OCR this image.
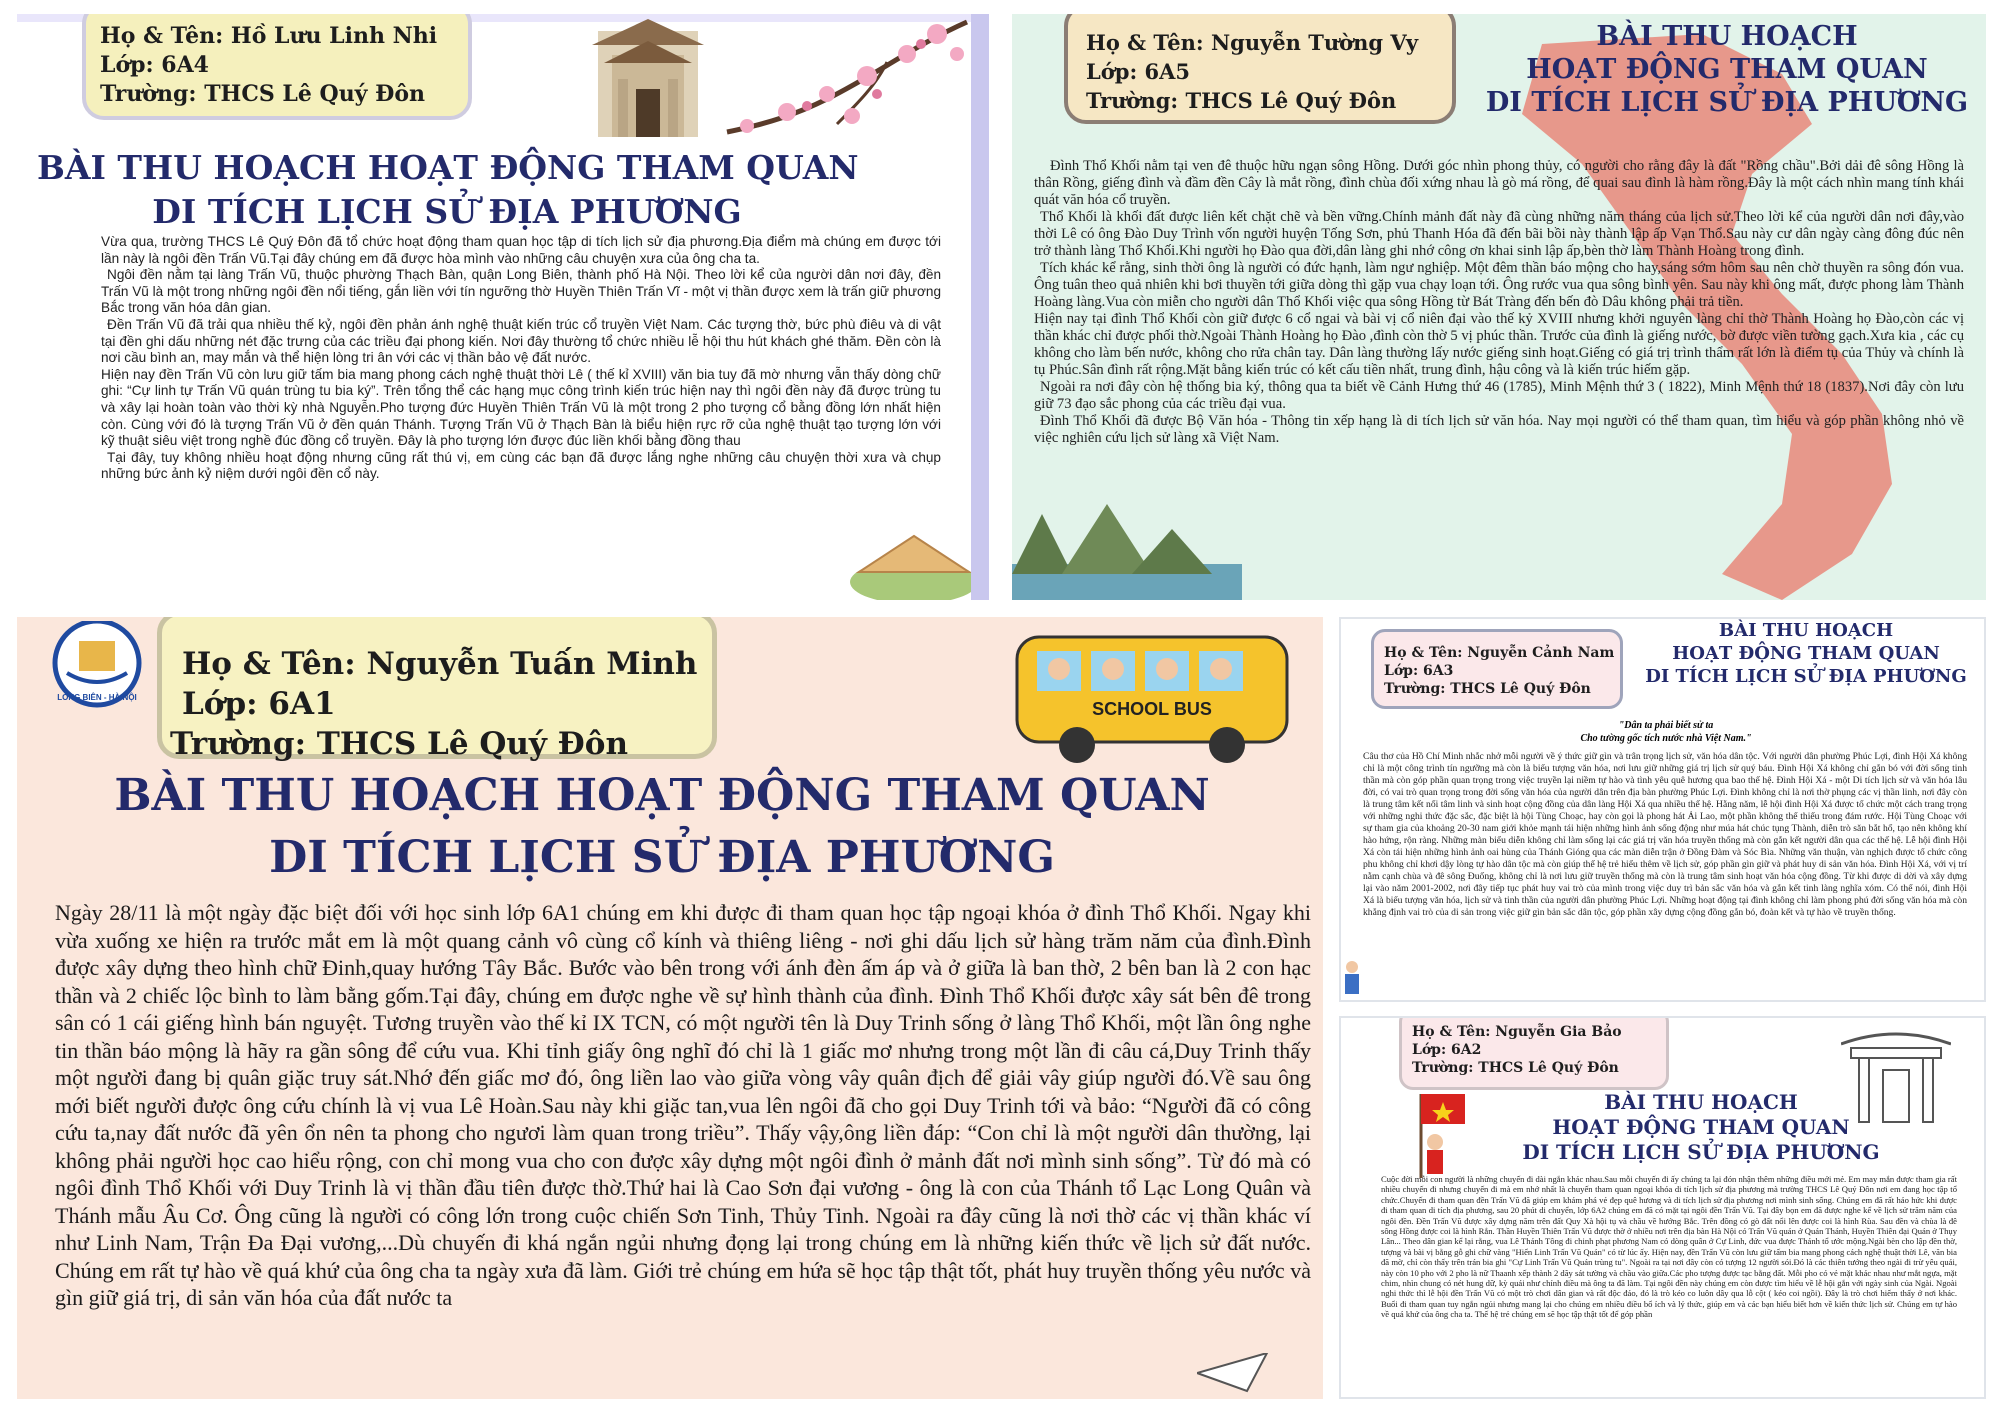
Họ & Tên: Hồ Lưu Linh Nhi
Lớp: 6A4
Trường: THCS Lê Quý Đôn
BÀI THU HOẠCH HOẠT ĐỘNG THAM QUAN
DI TÍCH LỊCH SỬ ĐỊA PHƯƠNG

Vừa qua, trường THCS Lê Quý Đôn đã tổ chức hoạt động tham quan học tập di tích lịch sử địa phương.Địa điểm mà chúng em được tới lần này là ngôi đền Trấn Vũ.Tại đây chúng em đã được hòa mình vào những câu chuyện xưa của ông cha ta.

Ngôi đền nằm tại làng Trấn Vũ, thuộc phường Thạch Bàn, quận Long Biên, thành phố Hà Nội. Theo lời kể của người dân nơi đây, đền Trấn Vũ là một trong những ngôi đền nổi tiếng, gắn liền với tín ngưỡng thờ Huyền Thiên Trấn Vĩ - một vị thần được xem là trấn giữ phương Bắc trong văn hóa dân gian.

Đền Trấn Vũ đã trải qua nhiều thế kỷ, ngôi đền phản ánh nghệ thuật kiến trúc cổ truyền Việt Nam. Các tượng thờ, bức phù điêu và di vật tại đền ghi dấu những nét đặc trưng của các triều đại phong kiến. Nơi đây thường tổ chức nhiều lễ hội thu hút khách ghé thăm. Đền còn là nơi cầu bình an, may mắn và thể hiện lòng tri ân với các vị thần bảo vệ đất nước.

Hiện nay đền Trấn Vũ còn lưu giữ tấm bia mang phong cách nghệ thuật thời Lê ( thế kỉ XVIII) văn bia tuy đã mờ nhưng vẫn thấy dòng chữ ghi: “Cự linh tự Trấn Vũ quán trùng tu bia ký”. Trên tổng thể các hạng mục công trình kiến trúc hiện nay thì ngôi đền này đã được trùng tu và xây lại hoàn toàn vào thời kỳ nhà Nguyễn.Pho tượng đức Huyền Thiên Trấn Vũ là một trong 2 pho tượng cổ bằng đồng lớn nhất hiện còn. Cùng với đó là tượng Trấn Vũ ở đền quán Thánh. Tượng Trấn Vũ ở Thạch Bàn là biểu hiện rực rỡ của nghệ thuật tạo tượng lớn với kỹ thuật siêu việt trong nghề đúc đồng cổ truyền. Đây là pho tượng lớn được đúc liền khối bằng đồng thau

Tại đây, tuy không nhiều hoạt động nhưng cũng rất thú vị, em cùng các bạn đã được lắng nghe những câu chuyện thời xưa và chụp những bức ảnh kỷ niệm dưới ngôi đền cổ này.

Họ & Tên: Nguyễn Tường Vy
Lớp: 6A5
Trường: THCS Lê Quý Đôn
BÀI THU HOẠCH
HOẠT ĐỘNG THAM QUAN
DI TÍCH LỊCH SỬ ĐỊA PHƯƠNG

Đình Thổ Khối nằm tại ven đê thuộc hữu ngạn sông Hồng. Dưới góc nhìn phong thủy, có người cho rằng đây là đất "Rồng chầu".Bởi dải đê sông Hồng là thân Rồng, giếng đình và đầm đền Cây là mắt rồng, đình chùa đối xứng nhau là gò má rồng, để quai sau đình là hàm rồng.Đây là một cách nhìn mang tính khái quát văn hóa cổ truyền.

Thổ Khối là khối đất được liên kết chặt chẽ và bền vững.Chính mảnh đất này đã cùng những năm tháng của lịch sử.Theo lời kể của người dân nơi đây,vào thời Lê có ông Đào Duy Trình vốn người huyện Tống Sơn, phủ Thanh Hóa đã đến bãi bồi này thành lập ấp Vạn Thổ.Sau này cư dân ngày càng đông đúc nên trở thành làng Thổ Khối.Khi người họ Đào qua đời,dân làng ghi nhớ công ơn khai sinh lập ấp,bèn thờ làm Thành Hoàng trong đình.

Tích khác kể rằng, sinh thời ông là người có đức hạnh, làm ngư nghiệp. Một đêm thần báo mộng cho hay,sáng sớm hôm sau nên chờ thuyền ra sông đón vua. Ông tuân theo quả nhiên khi bơi thuyền tới giữa dòng thì gặp vua chạy loạn tới. Ông rước vua qua sông bình yên. Sau này khi ông mất, được phong làm Thành Hoàng làng.Vua còn miễn cho người dân Thổ Khối việc qua sông Hồng từ Bát Tràng đến bến đò Dâu không phải trả tiền.

Hiện nay tại đình Thổ Khối còn giữ được 6 cổ ngai và bài vị cổ niên đại vào thế kỷ XVIII nhưng khởi nguyên làng chỉ thờ Thành Hoàng họ Đào,còn các vị thần khác chỉ được phối thờ.Ngoài Thành Hoàng họ Đào ,đình còn thờ 5 vị phúc thần. Trước của đình là giếng nước, bờ được viền tường gạch.Xưa kia , các cụ không cho làm bến nước, không cho rửa chân tay. Dân làng thường lấy nước giếng sinh hoạt.Giếng có giá trị trình thẩm rất lớn là điểm tụ của Thủy và chính là tụ Phúc.Sân đình rất rộng.Mặt bằng kiến trúc có kết cấu tiền nhất, trung đình, hậu công và là kiến trúc hiếm gặp.

Ngoài ra nơi đây còn hệ thống bia ký, thông qua ta biết về Cảnh Hưng thứ 46 (1785), Minh Mệnh thứ 3 ( 1822), Minh Mệnh thứ 18 (1837).Nơi đây còn lưu giữ 73 đạo sắc phong của các triều đại vua.

Đình Thổ Khối đã được Bộ Văn hóa - Thông tin xếp hạng là di tích lịch sử văn hóa. Nay mọi người có thể tham quan, tìm hiểu và góp phần không nhỏ về việc nghiên cứu lịch sử làng xã Việt Nam.

LONG BIÊN - HÀ NỘI
Họ & Tên: Nguyễn Tuấn Minh
Lớp: 6A1
Trường: THCS Lê Quý Đôn
SCHOOL BUS
BÀI THU HOẠCH HOẠT ĐỘNG THAM QUAN
DI TÍCH LỊCH SỬ ĐỊA PHƯƠNG
Ngày 28/11 là một ngày đặc biệt đối với học sinh lớp 6A1 chúng em khi được đi tham quan học tập ngoại khóa ở đình Thổ Khối. Ngay khi vừa xuống xe hiện ra trước mắt em là một quang cảnh vô cùng cổ kính và thiêng liêng - nơi ghi dấu lịch sử hàng trăm năm của đình.Đình được xây dựng theo hình chữ Đinh,quay hướng Tây Bắc. Bước vào bên trong với ánh đèn ấm áp và ở giữa là ban thờ, 2 bên ban là 2 con hạc thần và 2 chiếc lộc bình to làm bằng gốm.Tại đây, chúng em được nghe về sự hình thành của đình. Đình Thổ Khối được xây sát bên đê trong sân có 1 cái giếng hình bán nguyệt. Tương truyền vào thế kỉ IX TCN, có một người tên là Duy Trinh sống ở làng Thổ Khối, một lần ông nghe tin thần báo mộng là hãy ra gần sông để cứu vua. Khi tỉnh giấy ông nghĩ đó chỉ là 1 giấc mơ nhưng trong một lần đi câu cá,Duy Trinh thấy một người đang bị quân giặc truy sát.Nhớ đến giấc mơ đó, ông liền lao vào giữa vòng vây quân địch để giải vây giúp người đó.Về sau ông mới biết người được ông cứu chính là vị vua Lê Hoàn.Sau này khi giặc tan,vua lên ngôi đã cho gọi Duy Trinh tới và bảo: “Người đã có công cứu ta,nay đất nước đã yên ổn nên ta phong cho ngươi làm quan trong triều”. Thấy vậy,ông liền đáp: “Con chỉ là một người dân thường, lại không phải người học cao hiểu rộng, con chỉ mong vua cho con được xây dựng một ngôi đình ở mảnh đất nơi mình sinh sống”. Từ đó mà có ngôi đình Thổ Khối với Duy Trinh là vị thần đầu tiên được thờ.Thứ hai là Cao Sơn đại vương - ông là con của Thánh tổ Lạc Long Quân và Thánh mẫu Âu Cơ. Ông cũng là người có công lớn trong cuộc chiến Sơn Tinh, Thủy Tinh. Ngoài ra đây cũng là nơi thờ các vị thần khác ví như Linh Nam, Trận Đa Đại vương,...Dù chuyến đi khá ngắn ngủi nhưng đọng lại trong chúng em là những kiến thức về lịch sử đất nước. Chúng em rất tự hào về quá khứ của ông cha ta ngày xưa đã làm. Giới trẻ chúng em hứa sẽ học tập thật tốt, phát huy truyền thống yêu nước và gìn giữ giá trị, di sản văn hóa của đất nước ta
Họ & Tên: Nguyễn Cảnh Nam
Lớp: 6A3
Trường: THCS Lê Quý Đôn
BÀI THU HOẠCH
HOẠT ĐỘNG THAM QUAN
DI TÍCH LỊCH SỬ ĐỊA PHƯƠNG
"Dân ta phải biết sử ta
Cho tường gốc tích nước nhà Việt Nam."
Câu thơ của Hồ Chí Minh nhắc nhở mỗi người về ý thức giữ gìn và trân trọng lịch sử, văn hóa dân tộc. Với người dân phường Phúc Lợi, đình Hội Xá không chỉ là một công trình tín ngưỡng mà còn là biểu tượng văn hóa, nơi lưu giữ những giá trị lịch sử quý báu. Đình Hội Xá không chỉ gắn bó với đời sống tinh thần mà còn góp phần quan trọng trong việc truyền lại niềm tự hào và tình yêu quê hương qua bao thế hệ. Đình Hội Xá - một Di tích lịch sử và văn hóa lâu đời, có vai trò quan trọng trong đời sống văn hóa của người dân trên địa bàn phường Phúc Lợi. Đình không chỉ là nơi thờ phụng các vị thần linh, nơi đây còn là trung tâm kết nối tâm linh và sinh hoạt cộng đồng của dân làng Hội Xá qua nhiều thế hệ. Hằng năm, lễ hội đình Hội Xá được tổ chức một cách trang trọng với những nghi thức đặc sắc, đặc biệt là hội Tùng Choạc, hay còn gọi là phong hát Ải Lao, một phần không thể thiếu trong đám rước. Hội Tùng Choạc với sự tham gia của khoảng 20-30 nam giới khỏe mạnh tái hiện những hình ảnh sống động như múa hát chúc tụng Thành, diễn trò săn bắt hổ, tạo nên không khí hào hứng, rộn ràng. Những màn biểu diễn không chỉ làm sống lại các giá trị văn hóa truyền thống mà còn gắn kết người dân qua các thế hệ. Lễ hội đình Hội Xá còn tái hiện những hình ảnh oai hùng của Thánh Gióng qua các màn diễn trận ở Đồng Đàm và Sóc Bìa. Những văn thuận, vàn nghịch được tổ chức công phu không chỉ khơi dậy lòng tự hào dân tộc mà còn giúp thế hệ trẻ hiểu thêm về lịch sử, góp phần gìn giữ và phát huy di sản văn hóa. Đình Hội Xá, với vị trí nằm cạnh chùa và đê sông Đuống, không chỉ là nơi lưu giữ truyền thống mà còn là trung tâm sinh hoạt văn hóa cộng đồng. Từ khi được di dời và xây dựng lại vào năm 2001-2002, nơi đây tiếp tục phát huy vai trò của mình trong việc duy trì bản sắc văn hóa và gắn kết tinh làng nghĩa xóm. Có thể nói, đình Hội Xá là biểu tượng văn hóa, lịch sử và tinh thần của người dân phường Phúc Lợi. Những hoạt động tại đình không chỉ làm phong phú đời sống văn hóa mà còn khẳng định vai trò của di sản trong việc giữ gìn bản sắc dân tộc, góp phần xây dựng cộng đồng gắn bó, đoàn kết và tự hào về truyền thống.
Họ & Tên: Nguyễn Gia Bảo
Lớp: 6A2
Trường: THCS Lê Quý Đôn
BÀI THU HOẠCH
HOẠT ĐỘNG THAM QUAN
DI TÍCH LỊCH SỬ ĐỊA PHƯƠNG
Cuộc đời mỗi con người là những chuyến đi dài ngắn khác nhau.Sau mỗi chuyến đi ấy chúng ta lại đón nhận thêm những điều mới mẻ. Em may mắn được tham gia rất nhiều chuyến đi nhưng chuyến đi mà em nhớ nhất là chuyến tham quan ngoại khóa di tích lịch sử địa phương mà trường THCS Lê Quý Đôn nơi em đang học tập tổ chức.Chuyến đi tham quan đền Trấn Vũ đã giúp em khám phá vẻ đẹp quê hương và di tích lịch sử địa phương nơi mình sinh sống. Chúng em đã rất háo hức khi được đi tham quan di tích địa phương, sau 20 phút di chuyển, lớp 6A2 chúng em đã có mặt tại ngôi đền Trấn Vũ. Tại đây bọn em đã được nghe kể về lịch sử trăm năm của ngôi đền. Đền Trấn Vũ được xây dựng năm trên đất Quy Xà hội tụ và chầu về hướng Bắc. Trên đồng có gò đất nổi lên được coi là hình Rùa. Sau đền và chùa là đê sông Hồng được coi là hình Rắn. Thần Huyền Thiên Trấn Vũ được thờ ở nhiều nơi trên địa bàn Hà Nội có Trấn Vũ quán ở Quán Thánh, Huyền Thiên đại Quán ở Thụy Lân... Theo dân gian kể lại rằng, vua Lê Thánh Tông đi chinh phạt phương Nam có dòng quân ở Cự Linh, đức vua được Thánh tổ ước mộng.Ngài bèn cho lập đền thờ, tượng và bài vị bằng gỗ ghi chữ vàng "Hiển Linh Trấn Vũ Quán" có từ lúc ấy. Hiện nay, đền Trấn Vũ còn lưu giữ tấm bia mang phong cách nghệ thuật thời Lê, văn bia đã mờ, chỉ còn thấy trên trán bia ghi "Cự Linh Trấn Vũ Quán trùng tu". Ngoài ra tại nơi đây còn có tượng 12 người sói.Đó là các thiên tướng theo ngài đi trừ yêu quái, này còn 10 pho với 2 pho là nữ Thaanh xếp thành 2 dãy sát tường và chầu vào giữa.Các pho tượng được tạc bằng đất. Mỗi pho có vẻ mặt khác nhau như mắt ngựa, mặt chim, nhìn chung có nét hung dữ, kỳ quái như chính điều mà ông ta đã làm. Tại ngôi đền này chúng em còn được tìm hiểu về lễ hội gắn với ngày sinh của Ngài. Ngoài nghi thức thì lễ hội đền Trấn Vũ có một trò chơi dân gian và rất độc đáo, đó là trò kéo co luôn dây qua lỗ cột ( kéo coi ngồi). Đây là trò chơi hiếm thấy ở nơi khác. Buổi đi tham quan tuy ngắn ngủi nhưng mang lại cho chúng em nhiều điều bổ ích và lý thức, giúp em và các bạn hiểu biết hơn về kiến thức lịch sử. Chúng em tự hào về quá khứ của ông cha ta. Thế hệ trẻ chúng em sẽ học tập thật tốt để góp phần
